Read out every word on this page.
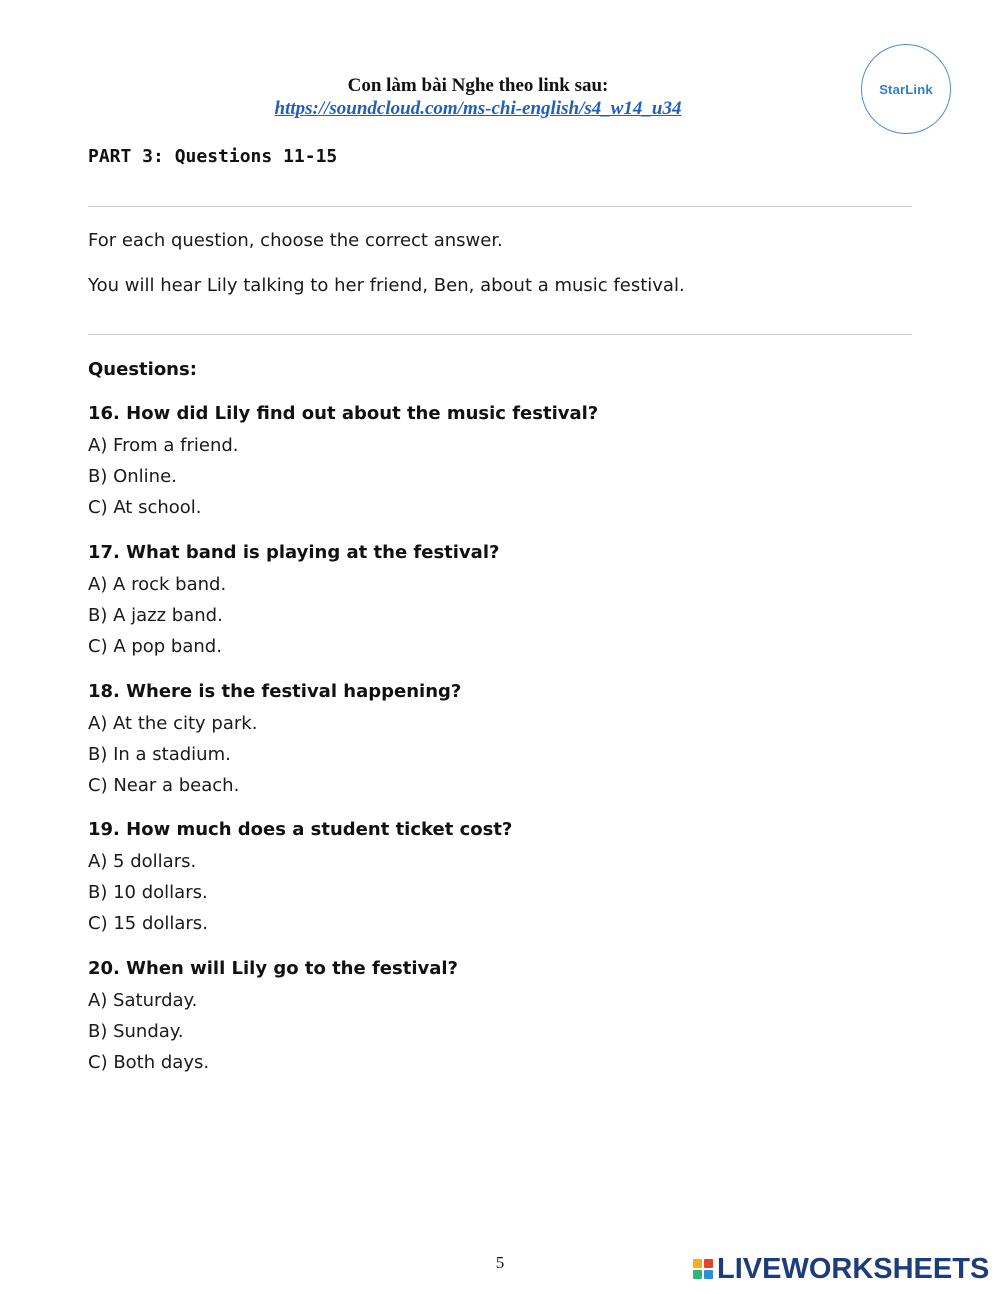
Con làm bài Nghe theo link sau:
https://soundcloud.com/ms-chi-english/s4_w14_u34
StarLink
PART 3: Questions 11-15
For each question, choose the correct answer.
You will hear Lily talking to her friend, Ben, about a music festival.
Questions:
16. How did Lily find out about the music festival?
A) From a friend.
B) Online.
C) At school.
17. What band is playing at the festival?
A) A rock band.
B) A jazz band.
C) A pop band.
18. Where is the festival happening?
A) At the city park.
B) In a stadium.
C) Near a beach.
19. How much does a student ticket cost?
A) 5 dollars.
B) 10 dollars.
C) 15 dollars.
20. When will Lily go to the festival?
A) Saturday.
B) Sunday.
C) Both days.
5	LIVEWORKSHEETS
